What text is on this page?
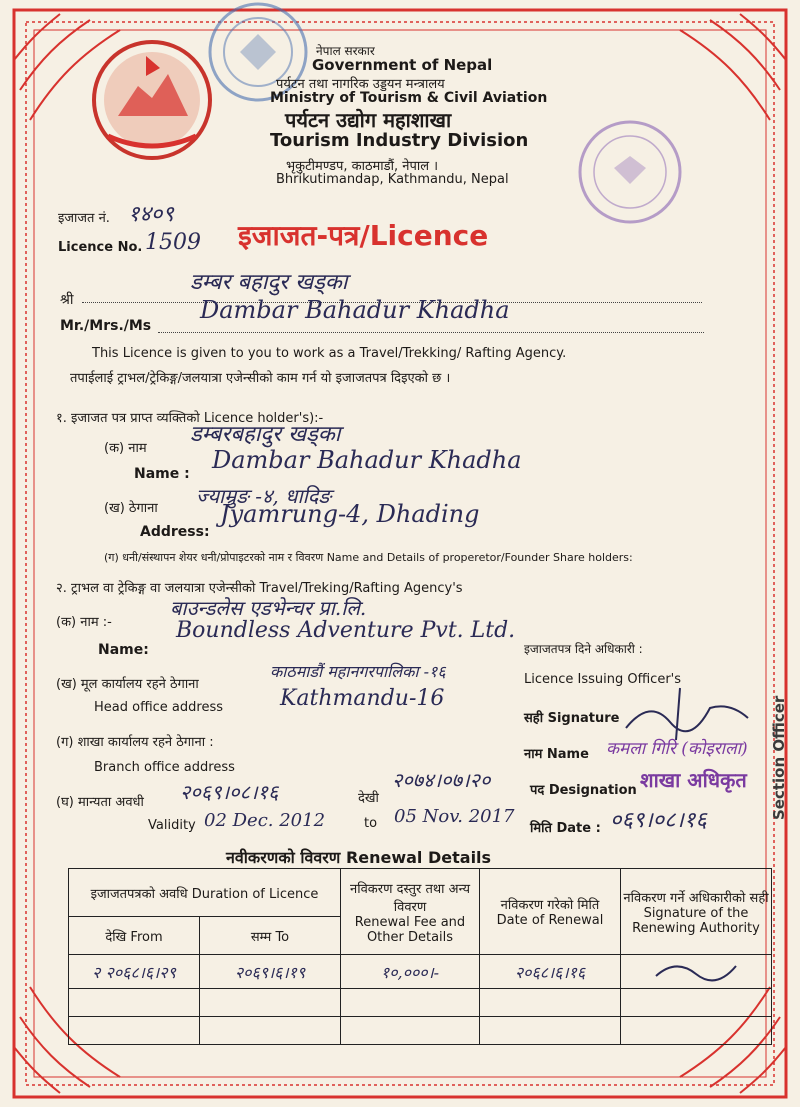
नेपाल सरकार
Government of Nepal
पर्यटन तथा नागरिक उड्डयन मन्त्रालय
Ministry of Tourism & Civil Aviation
पर्यटन उद्योग महाशाखा
Tourism Industry Division
भृकुटीमण्डप, काठमाडौं, नेपाल ।
Bhrikutimandap, Kathmandu, Nepal
इजाजत नं. १४०९
Licence No. 1509 इजाजत-पत्र/Licence
श्री
डम्बर बहादुर खड्का
Mr./Mrs./Ms
Dambar Bahadur Khadha
This Licence is given to you to work as a Travel/Trekking/ Rafting Agency.
तपाईलाई ट्राभल/ट्रेकिङ्ग/जलयात्रा एजेन्सीको काम गर्न यो इजाजतपत्र दिइएको छ ।
१. इजाजत पत्र प्राप्त व्यक्तिको Licence holder's):-
(क) नाम
डम्बरबहादुर खड्का
Name : Dambar Bahadur Khadha
(ख) ठेगाना
ज्याम्रुङ -४, धादिङ
Address:
Jyamrung-4, Dhading
(ग) धनी/संस्थापन शेयर धनी/प्रोपाइटरको नाम र विवरण Name and Details of properetor/Founder Share holders:
२. ट्राभल वा ट्रेकिङ्ग वा जलयात्रा एजेन्सीको Travel/Treking/Rafting Agency's
(क) नाम :-
बाउन्डलेस एडभेन्चर प्रा.लि.
Name:
Boundless Adventure Pvt. Ltd.
(ख) मूल कार्यालय रहने ठेगाना
काठमाडौं महानगरपालिका -१६
Head office address	Kathmandu-16
(ग) शाखा कार्यालय रहने ठेगाना :
Branch office address
(घ) मान्यता अवधी २०६९।०८।१६	देखी
२०७४।०७।२०
Validity 02 Dec. 2012	to 05 Nov. 2017
इजाजतपत्र दिने अधिकारी :
Licence Issuing Officer's
सही Signature
नाम Name कमला गिरि (कोइराला)
पद Designation शाखा अधिकृत
मिति Date : ०६९।०८।१६
Section Officer
नवीकरणको विवरण Renewal Details
इजाजतपत्रको अवधि Duration of Licence		नविकरण दस्तुर तथा अन्य विवरण
Renewal Fee and Other Details	नविकरण गरेको मिति
Date of Renewal	नविकरण गर्ने अधिकारीको सही
Signature of the Renewing Authority
देखि From	सम्म To			
२ २०६८।६।२९	२०६९।६।१९	१०,०००।-	२०६८।६।१६	
